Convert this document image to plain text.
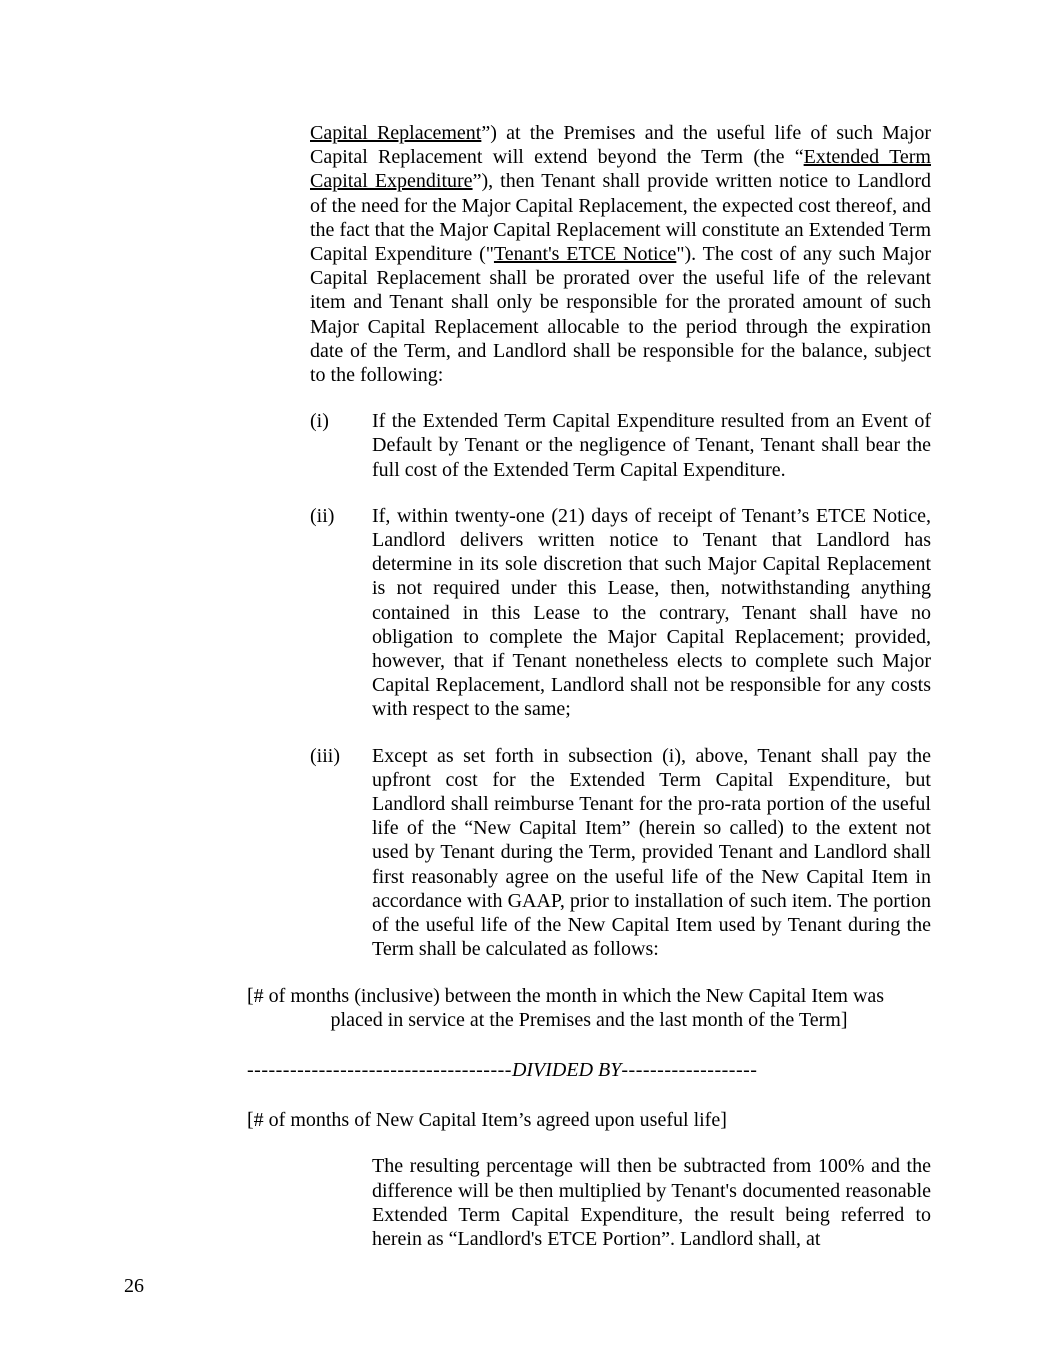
Capital Replacement”) at the Premises and the useful life of such Major Capital Replacement will extend beyond the Term (the “Extended Term Capital Expenditure”), then Tenant shall provide written notice to Landlord of the need for the Major Capital Replacement, the expected cost thereof, and the fact that the Major Capital Replacement will constitute an Extended Term Capital Expenditure ("Tenant's ETCE Notice"). The cost of any such Major Capital Replacement shall be prorated over the useful life of the relevant item and Tenant shall only be responsible for the prorated amount of such Major Capital Replacement allocable to the period through the expiration date of the Term, and Landlord shall be responsible for the balance, subject to the following:

(i)	If the Extended Term Capital Expenditure resulted from an Event of Default by Tenant or the negligence of Tenant, Tenant shall bear the full cost of the Extended Term Capital Expenditure.

(ii)	If, within twenty-one (21) days of receipt of Tenant’s ETCE Notice, Landlord delivers written notice to Tenant that Landlord has determine in its sole discretion that such Major Capital Replacement is not required under this Lease, then, notwithstanding anything contained in this Lease to the contrary, Tenant shall have no obligation to complete the Major Capital Replacement; provided, however, that if Tenant nonetheless elects to complete such Major Capital Replacement, Landlord shall not be responsible for any costs with respect to the same;

(iii)	Except as set forth in subsection (i), above, Tenant shall pay the upfront cost for the Extended Term Capital Expenditure, but Landlord shall reimburse Tenant for the pro-rata portion of the useful life of the “New Capital Item” (herein so called) to the extent not used by Tenant during the Term, provided Tenant and Landlord shall first reasonably agree on the useful life of the New Capital Item in accordance with GAAP, prior to installation of such item. The portion of the useful life of the New Capital Item used by Tenant during the Term shall be calculated as follows:

[# of months (inclusive) between the month in which the New Capital Item was
placed in service at the Premises and the last month of the Term]
-------------------------------------DIVIDED BY-------------------
[# of months of New Capital Item’s agreed upon useful life]

The resulting percentage will then be subtracted from 100% and the difference will be then multiplied by Tenant's documented reasonable Extended Term Capital Expenditure, the result being referred to herein as “Landlord's ETCE Portion”. Landlord shall, at

26
